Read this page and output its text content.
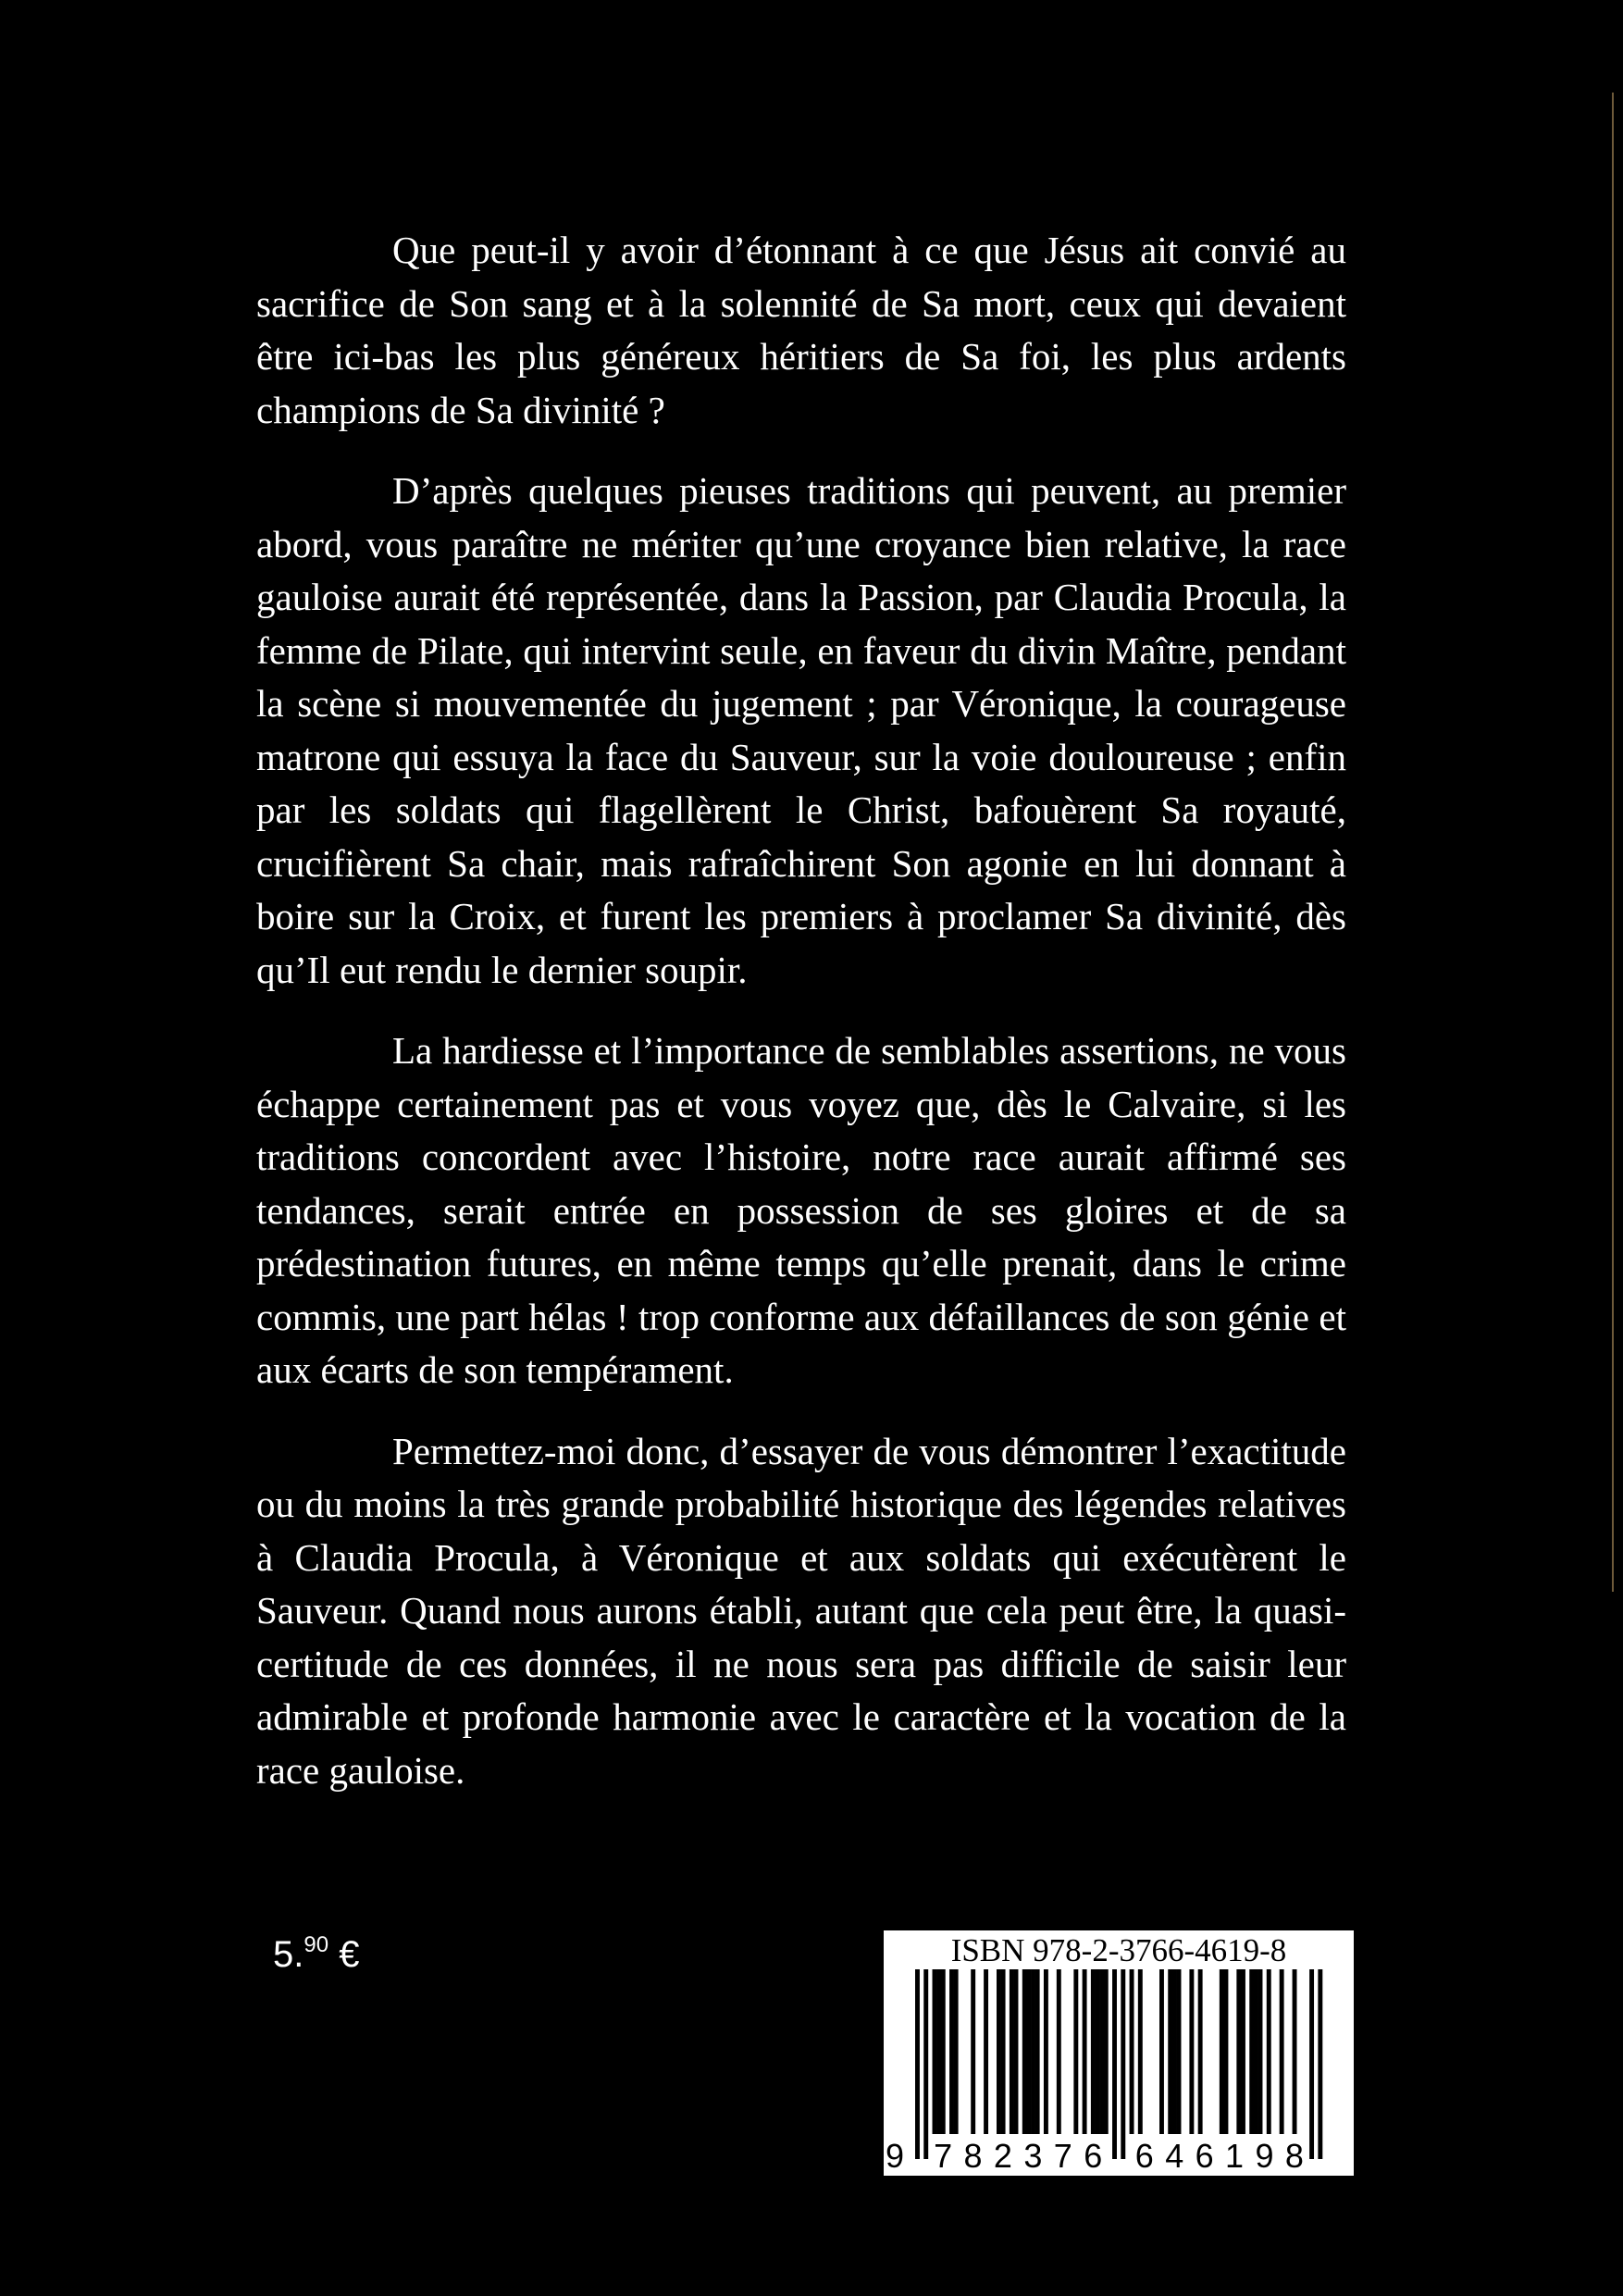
Que peut-il y avoir d’étonnant à ce que Jésus ait convié au sacrifice de Son sang et à la solennité de Sa mort, ceux qui devaient être ici-bas les plus généreux héritiers de Sa foi, les plus ardents champions de Sa divinité ?

D’après quelques pieuses traditions qui peuvent, au premier abord, vous paraître ne mériter qu’une croyance bien relative, la race gauloise aurait été représentée, dans la Passion, par Claudia Procula, la femme de Pilate, qui intervint seule, en faveur du divin Maître, pendant la scène si mouvementée du jugement ; par Véronique, la courageuse matrone qui essuya la face du Sauveur, sur la voie douloureuse ; enfin par les soldats qui flagellèrent le Christ, bafouèrent Sa royauté, crucifièrent Sa chair, mais rafraîchirent Son agonie en lui donnant à boire sur la Croix, et furent les premiers à proclamer Sa divinité, dès qu’Il eut rendu le dernier soupir.

La hardiesse et l’importance de semblables assertions, ne vous échappe certainement pas et vous voyez que, dès le Calvaire, si les traditions concordent avec l’histoire, notre race aurait affirmé ses tendances, serait entrée en possession de ses gloires et de sa prédestination futures, en même temps qu’elle prenait, dans le crime commis, une part hélas ! trop conforme aux défaillances de son génie et aux écarts de son tempérament.

Permettez-moi donc, d’essayer de vous démontrer l’exactitude ou du moins la très grande probabilité historique des légendes relatives à Claudia Procula, à Véronique et aux soldats qui exécutèrent le Sauveur. Quand nous aurons établi, autant que cela peut être, la quasi-certitude de ces données, il ne nous sera pas difficile de saisir leur admirable et profonde harmonie avec le caractère et la vocation de la race gauloise.

5.90 €	ISBN 978-2-3766-4619-8
9 7 8 2 3 7 6 6 4 6 1 9 8
